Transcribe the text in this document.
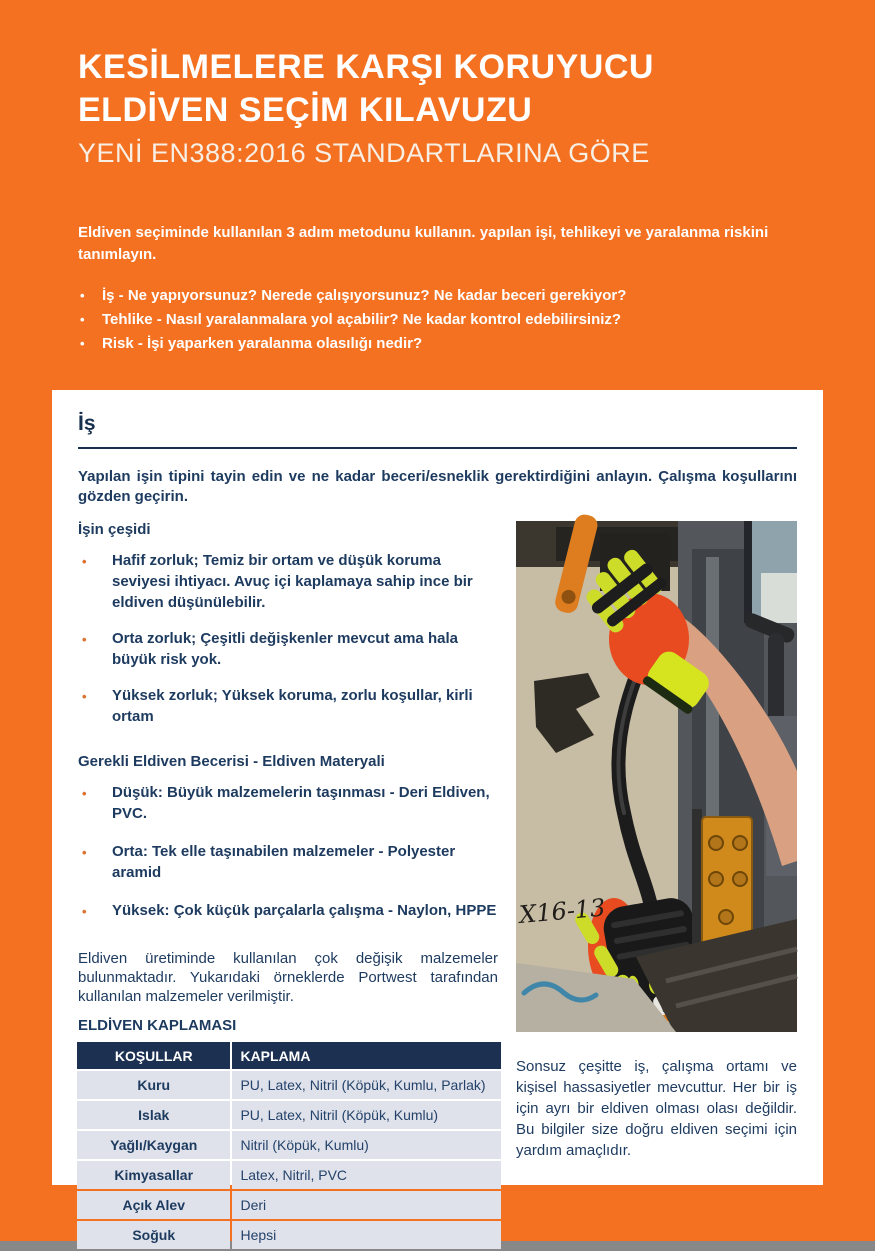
KESİLMELERE KARŞI KORUYUCU
ELDİVEN SEÇİM KILAVUZU
YENİ EN388:2016 STANDARTLARINA GÖRE

Eldiven seçiminde kullanılan 3 adım metodunu kullanın. yapılan işi, tehlikeyi ve yaralanma riskini tanımlayın.

• İş - Ne yapıyorsunuz? Nerede çalışıyorsunuz? Ne kadar beceri gerekiyor?
• Tehlike - Nasıl yaralanmalara yol açabilir? Ne kadar kontrol edebilirsiniz?
• Risk - İşi yaparken yaralanma olasılığı nedir?
İş

Yapılan işin tipini tayin edin ve ne kadar beceri/esneklik gerektirdiğini anlayın. Çalışma koşullarını gözden geçirin.

İşin çeşidi
• Hafif zorluk; Temiz bir ortam ve düşük koruma seviyesi ihtiyacı. Avuç içi kaplamaya sahip ince bir eldiven düşünülebilir.
• Orta zorluk; Çeşitli değişkenler mevcut ama hala büyük risk yok.
• Yüksek zorluk; Yüksek koruma, zorlu koşullar, kirli ortam
Gerekli Eldiven Becerisi - Eldiven Materyali
• Düşük: Büyük malzemelerin taşınması - Deri Eldiven, PVC.
• Orta: Tek elle taşınabilen malzemeler - Polyester aramid
• Yüksek: Çok küçük parçalarla çalışma - Naylon, HPPE

Eldiven üretiminde kullanılan çok değişik malzemeler bulunmaktadır. Yukarıdaki örneklerde Portwest tarafından kullanılan malzemeler verilmiştir.

ELDİVEN KAPLAMASI
KOŞULLAR	KAPLAMA
Kuru	PU, Latex, Nitril (Köpük, Kumlu, Parlak)
Islak	PU, Latex, Nitril (Köpük, Kumlu)
Yağlı/Kaygan	Nitril (Köpük, Kumlu)
Kimyasallar	Latex, Nitril, PVC
Açık Alev	Deri
Soğuk	Hepsi
X16-13

Sonsuz çeşitte iş, çalışma ortamı ve kişisel hassasiyetler mevcuttur. Her bir iş için ayrı bir eldiven olması olası değildir. Bu bilgiler size doğru eldiven seçimi için yardım amaçlıdır.
